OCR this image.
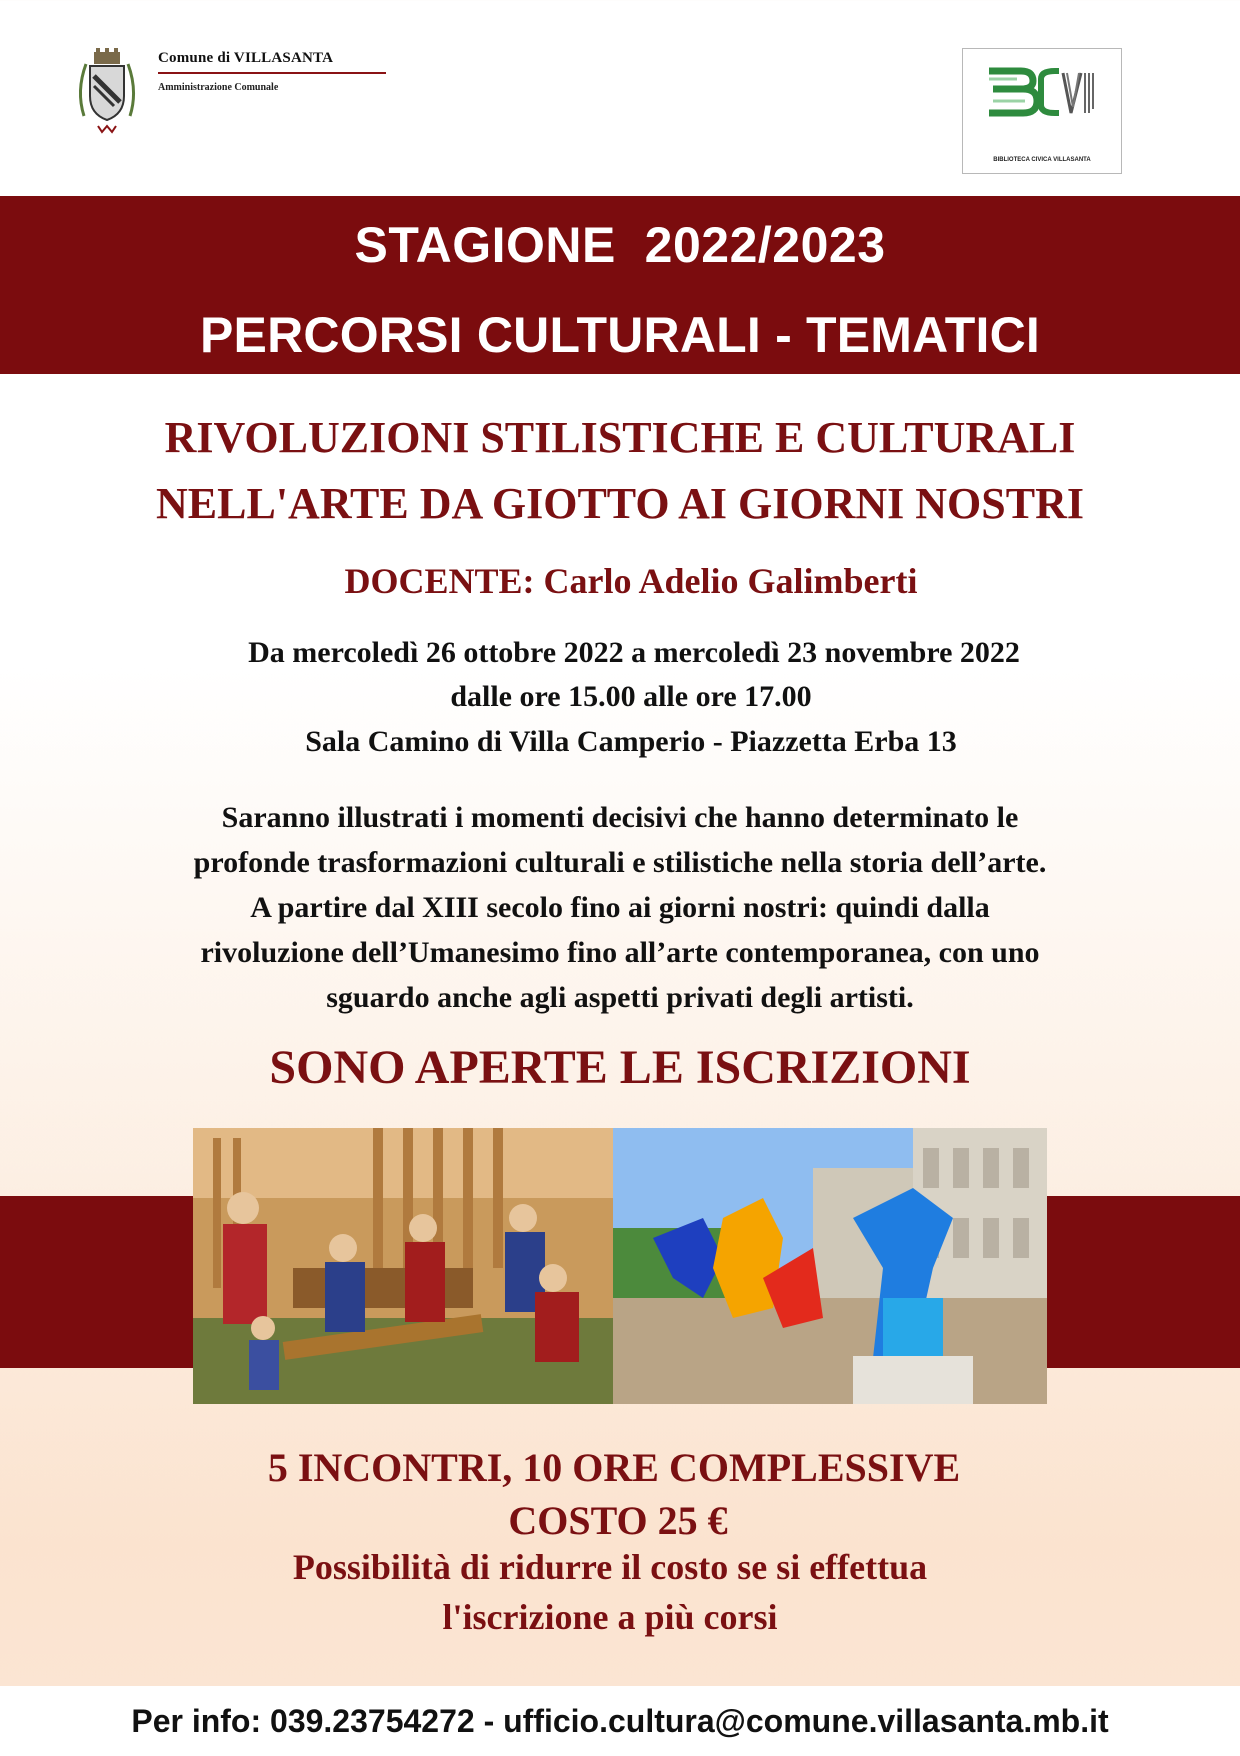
Comune di VILLASANTA
Amministrazione Comunale
BIBLIOTECA CIVICA VILLASANTA
STAGIONE  2022/2023
PERCORSI CULTURALI - TEMATICI
RIVOLUZIONI STILISTICHE E CULTURALI
NELL'ARTE DA GIOTTO AI GIORNI NOSTRI
DOCENTE: Carlo Adelio Galimberti
Da mercoledì 26 ottobre 2022 a mercoledì 23 novembre 2022
dalle ore 15.00 alle ore 17.00
Sala Camino di Villa Camperio - Piazzetta Erba 13
Saranno illustrati i momenti decisivi che hanno determinato le
profonde trasformazioni culturali e stilistiche nella storia dell’arte.
A partire dal XIII secolo fino ai giorni nostri: quindi dalla
rivoluzione dell’Umanesimo fino all’arte contemporanea, con uno
sguardo anche agli aspetti privati degli artisti.
SONO APERTE LE ISCRIZIONI
5 INCONTRI, 10 ORE COMPLESSIVE
COSTO 25 €
Possibilità di ridurre il costo se si effettua
l'iscrizione a più corsi
Per info: 039.23754272 - ufficio.cultura@comune.villasanta.mb.it
